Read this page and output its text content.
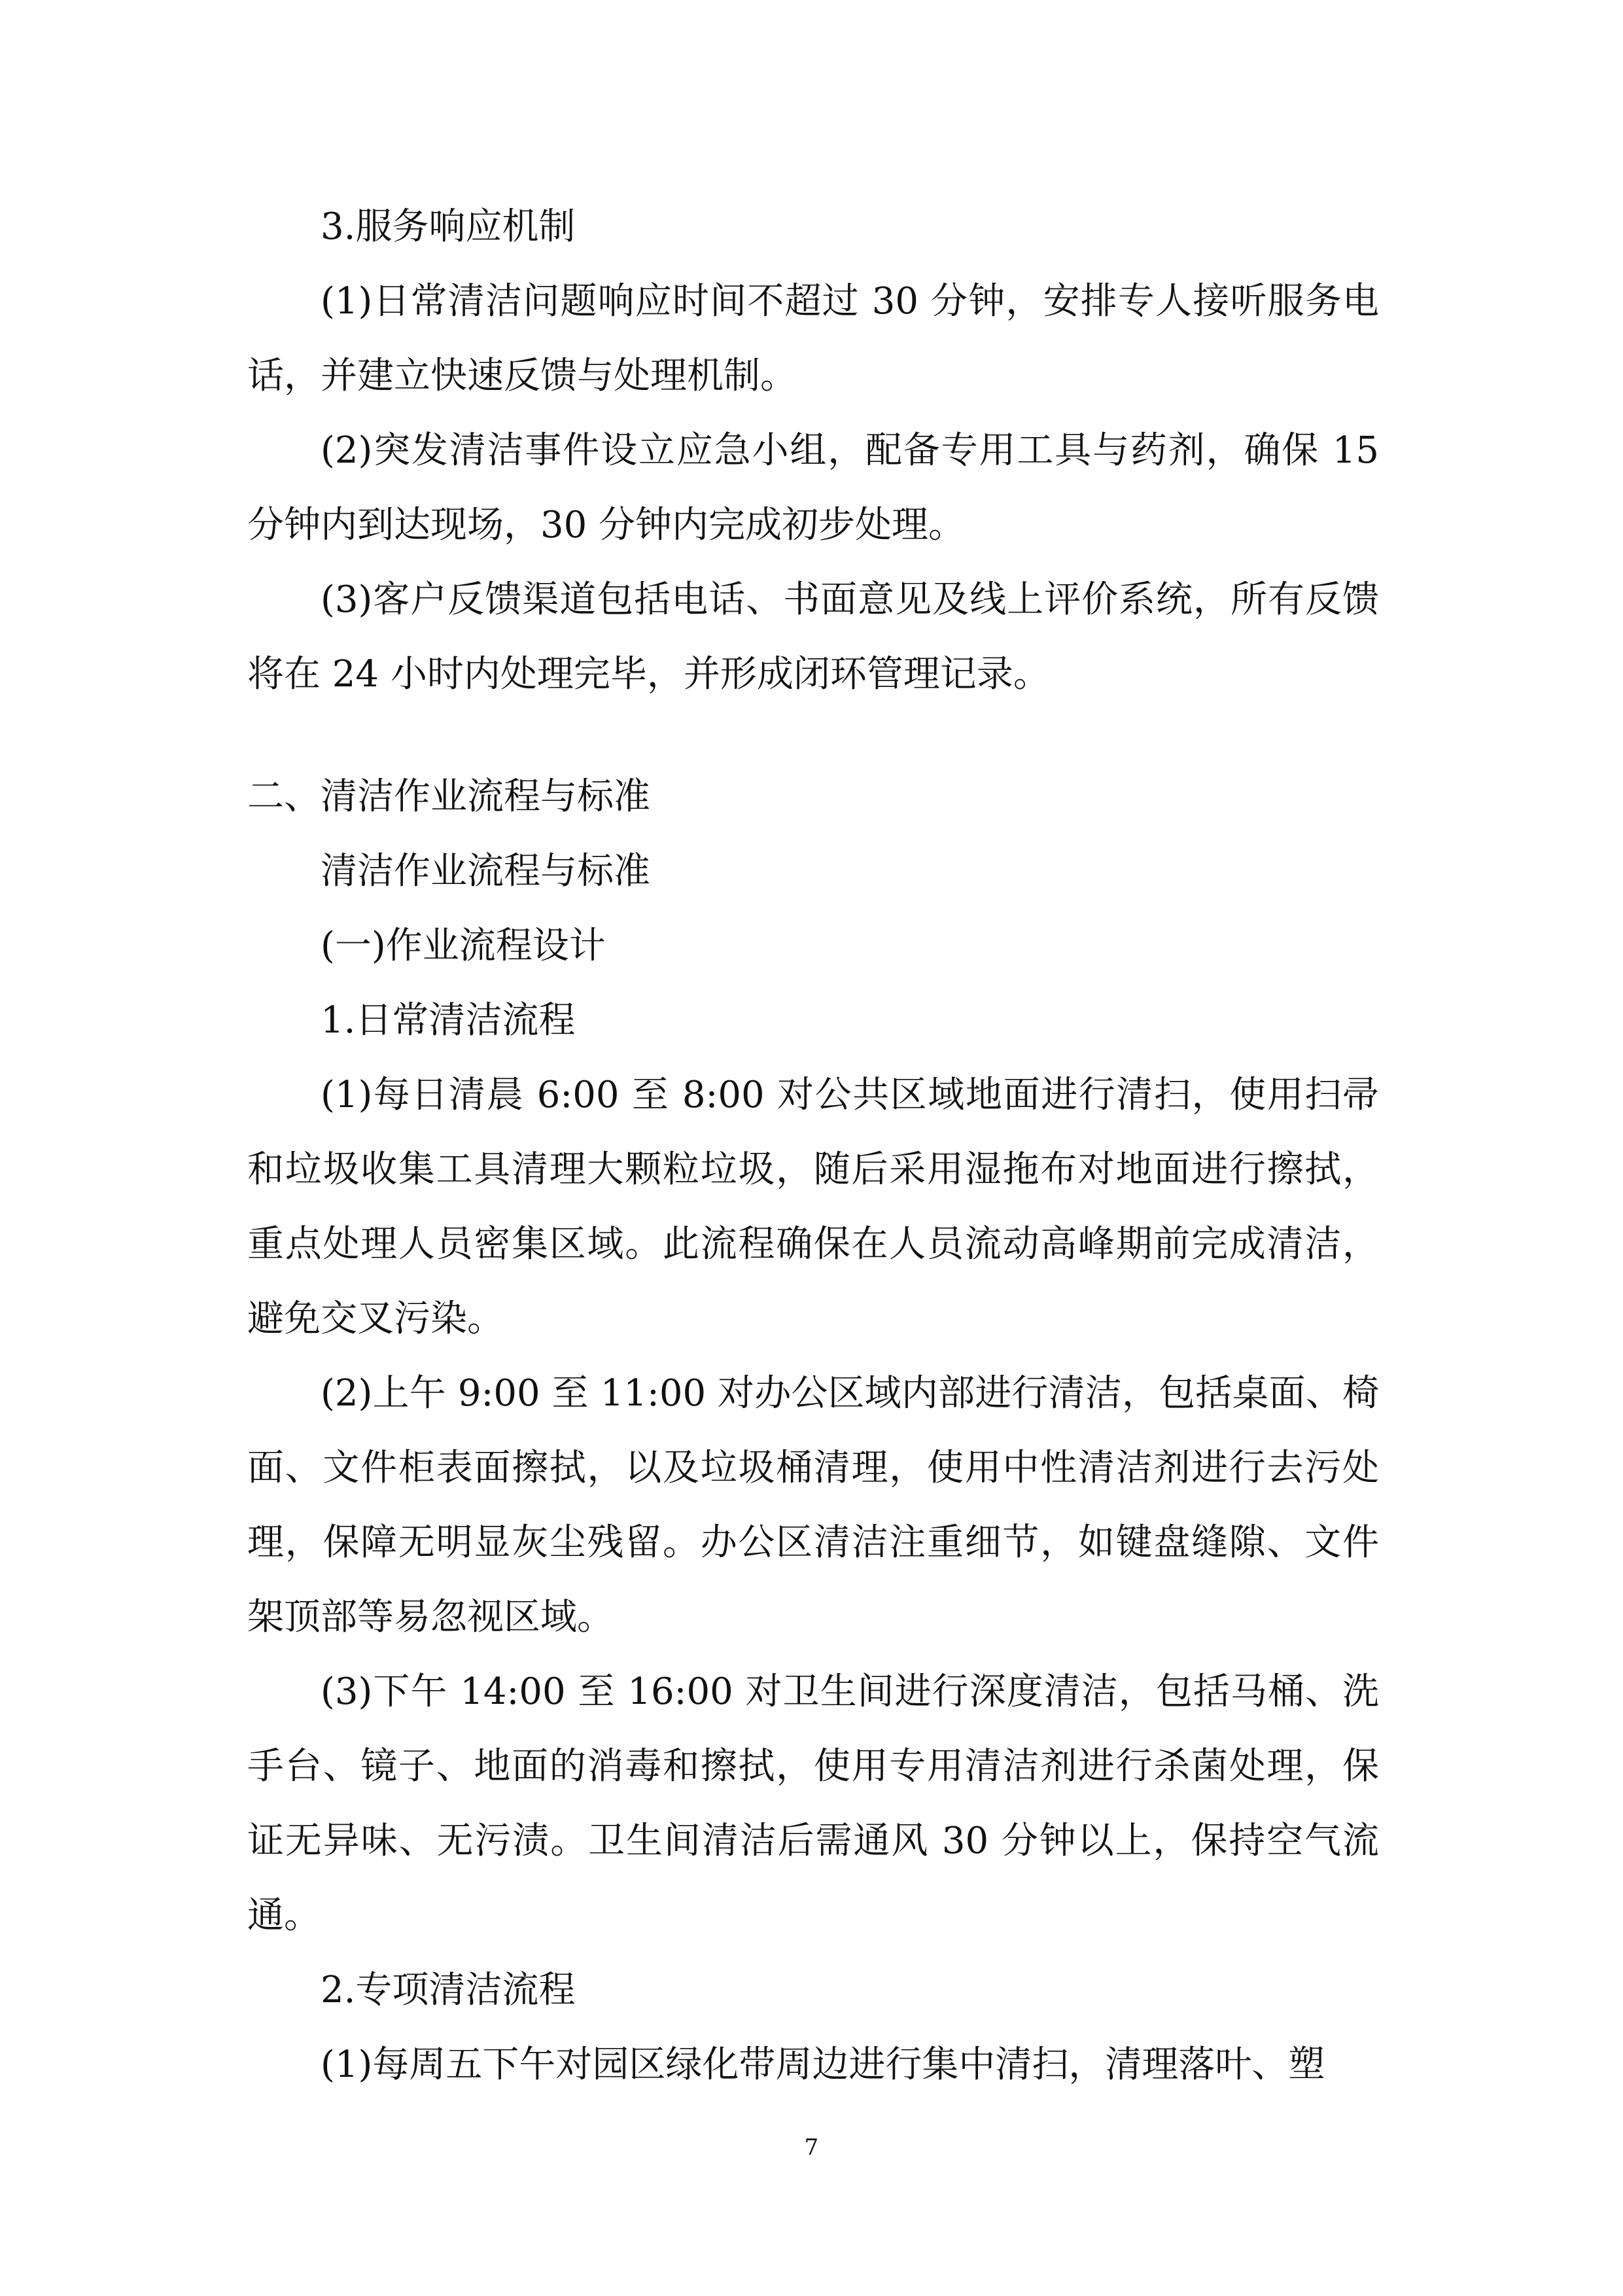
3.服务响应机制

(1)日常清洁问题响应时间不超过 30 分钟，安排专人接听服务电话，并建立快速反馈与处理机制。

(2)突发清洁事件设立应急小组，配备专用工具与药剂，确保 15 分钟内到达现场，30 分钟内完成初步处理。

(3)客户反馈渠道包括电话、书面意见及线上评价系统，所有反馈将在 24 小时内处理完毕，并形成闭环管理记录。

二、清洁作业流程与标准

清洁作业流程与标准

(一)作业流程设计

1.日常清洁流程

(1)每日清晨 6:00 至 8:00 对公共区域地面进行清扫，使用扫帚和垃圾收集工具清理大颗粒垃圾，随后采用湿拖布对地面进行擦拭，重点处理人员密集区域。此流程确保在人员流动高峰期前完成清洁，避免交叉污染。

(2)上午 9:00 至 11:00 对办公区域内部进行清洁，包括桌面、椅面、文件柜表面擦拭，以及垃圾桶清理，使用中性清洁剂进行去污处理，保障无明显灰尘残留。办公区清洁注重细节，如键盘缝隙、文件架顶部等易忽视区域。

(3)下午 14:00 至 16:00 对卫生间进行深度清洁，包括马桶、洗手台、镜子、地面的消毒和擦拭，使用专用清洁剂进行杀菌处理，保证无异味、无污渍。卫生间清洁后需通风 30 分钟以上，保持空气流通。

2.专项清洁流程

(1)每周五下午对园区绿化带周边进行集中清扫，清理落叶、塑

7
